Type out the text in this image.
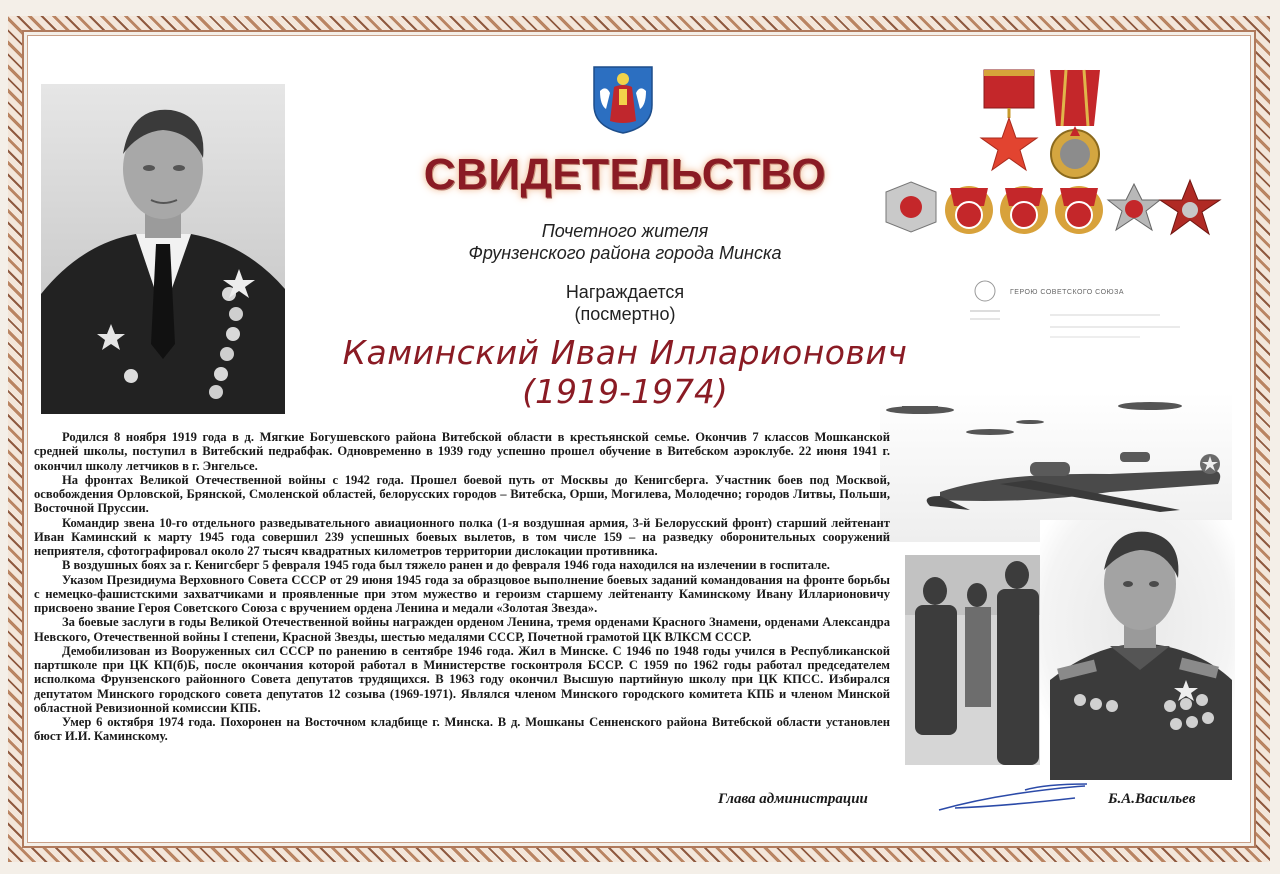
СВИДЕТЕЛЬСТВО
Почетного жителя
Фрунзенского района города Минска
Награждается
(посмертно)
Каминский Иван Илларионович
(1919-1974)
ГЕРОЮ СОВЕТСКОГО СОЮЗА

Родился 8 ноября 1919 года в д. Мягкие Богушевского района Витебской области в крестьянской семье. Окончив 7 классов Мошканской средней школы, поступил в Витебский педрабфак. Одновременно в 1939 году успешно прошел обучение в Витебском аэроклубе. 22 июня 1941 г. окончил школу летчиков в г. Энгельсе.

На фронтах Великой Отечественной войны с 1942 года. Прошел боевой путь от Москвы до Кенигсберга. Участник боев под Москвой, освобождения Орловской, Брянской, Смоленской областей, белорусских городов – Витебска, Орши, Могилева, Молодечно; городов Литвы, Польши, Восточной Пруссии.

Командир звена 10-го отдельного разведывательного авиационного полка (1-я воздушная армия, 3-й Белорусский фронт) старший лейтенант Иван Каминский к марту 1945 года совершил 239 успешных боевых вылетов, в том числе 159 – на разведку оборонительных сооружений неприятеля, сфотографировал около 27 тысяч квадратных километров территории дислокации противника.

В воздушных боях за г. Кенигсберг 5 февраля 1945 года был тяжело ранен и до февраля 1946 года находился на излечении в госпитале.

Указом Президиума Верховного Совета СССР от 29 июня 1945 года за образцовое выполнение боевых заданий командования на фронте борьбы с немецко-фашистскими захватчиками и проявленные при этом мужество и героизм старшему лейтенанту Каминскому Ивану Илларионовичу присвоено звание Героя Советского Союза с вручением ордена Ленина и медали «Золотая Звезда».

За боевые заслуги в годы Великой Отечественной войны награжден орденом Ленина, тремя орденами Красного Знамени, орденами Александра Невского, Отечественной войны I степени, Красной Звезды, шестью медалями СССР, Почетной грамотой ЦК ВЛКСМ СССР.

Демобилизован из Вооруженных сил СССР по ранению в сентябре 1946 года. Жил в Минске. С 1946 по 1948 годы учился в Республиканской партшколе при ЦК КП(б)Б, после окончания которой работал в Министерстве госконтроля БССР. С 1959 по 1962 годы работал председателем исполкома Фрунзенского районного Совета депутатов трудящихся. В 1963 году окончил Высшую партийную школу при ЦК КПСС. Избирался депутатом Минского городского совета депутатов 12 созыва (1969-1971). Являлся членом Минского городского комитета КПБ и членом Минской областной Ревизионной комиссии КПБ.

Умер 6 октября 1974 года. Похоронен на Восточном кладбище г. Минска. В д. Мошканы Сенненского района Витебской области установлен бюст И.И. Каминскому.

Глава администрации	Б.А.Васильев
